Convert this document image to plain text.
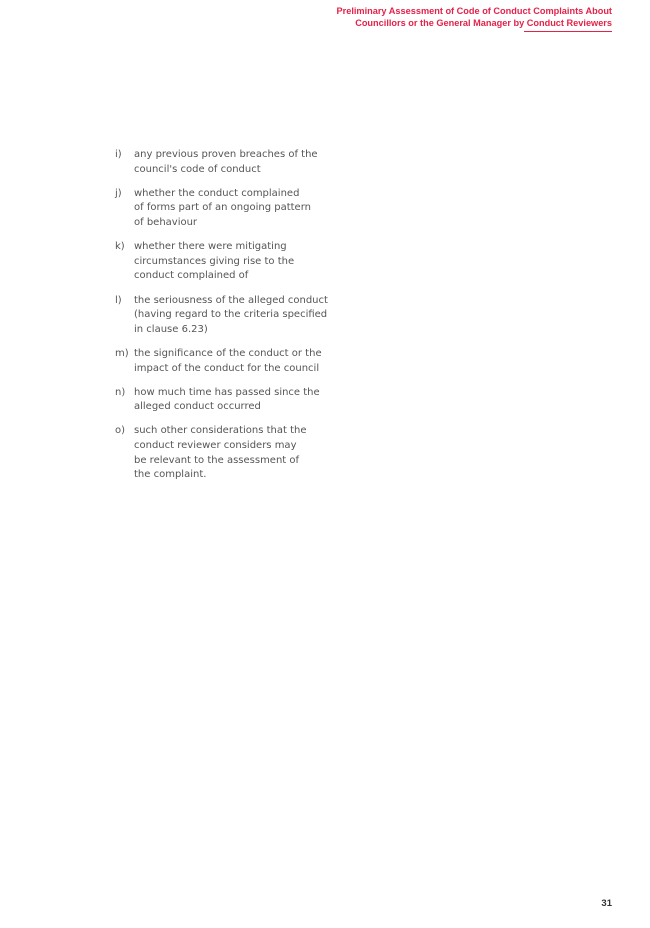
Preliminary Assessment of Code of Conduct Complaints About
Councillors or the General Manager by Conduct Reviewers
i)	any previous proven breaches of the
council's code of conduct
j)	whether the conduct complained
of forms part of an ongoing pattern
of behaviour
k) whether there were mitigating
circumstances giving rise to the
conduct complained of
l)	the seriousness of the alleged conduct
(having regard to the criteria specified
in clause 6.23)
m) the significance of the conduct or the
impact of the conduct for the council
n) how much time has passed since the
alleged conduct occurred
o) such other considerations that the
conduct reviewer considers may
be relevant to the assessment of
the complaint.
31
